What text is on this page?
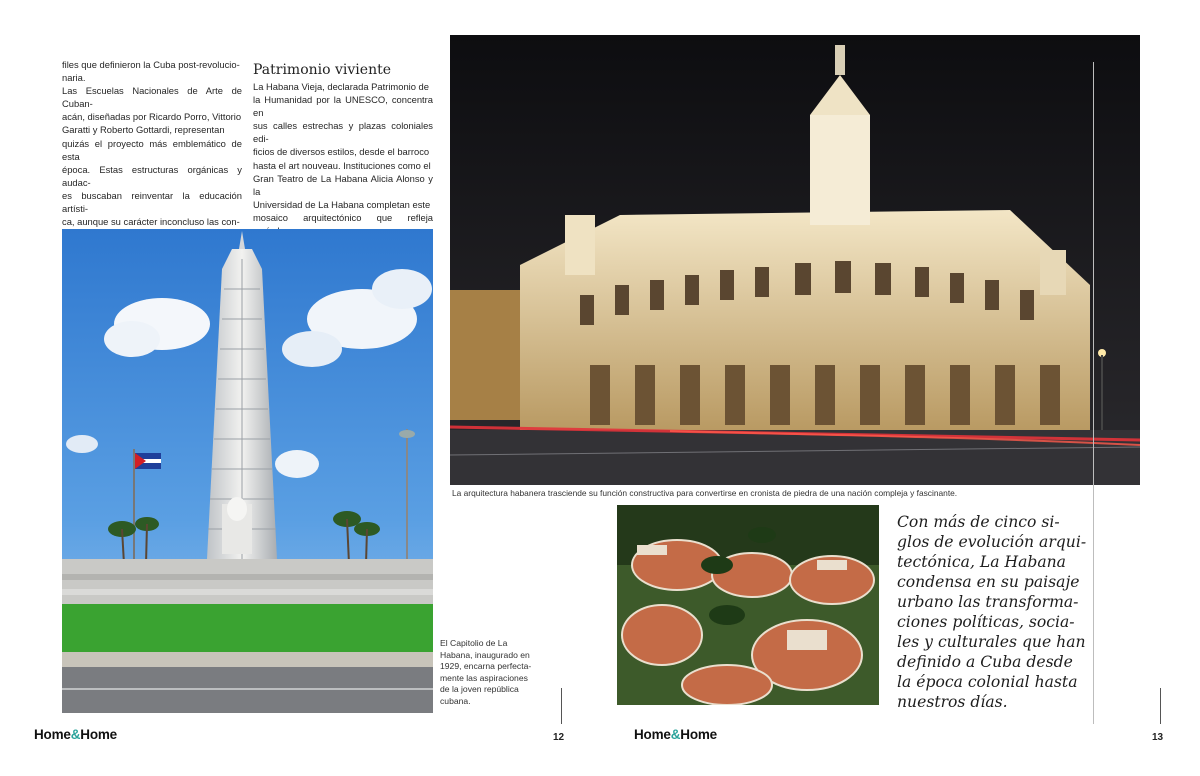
files que definieron la Cuba post-revolucio-

naria.

Las Escuelas Nacionales de Arte de Cuban-

acán, diseñadas por Ricardo Porro, Vittorio

Garatti y Roberto Gottardi, representan

quizás el proyecto más emblemático de esta

época. Estas estructuras orgánicas y audac-

es buscaban reinventar la educación artísti-

ca, aunque su carácter inconcluso las con-

Patrimonio viviente

La Habana Vieja, declarada Patrimonio de

la Humanidad por la UNESCO, concentra en

sus calles estrechas y plazas coloniales edi-

ficios de diversos estilos, desde el barroco

hasta el art nouveau. Instituciones como el

Gran Teatro de La Habana Alicia Alonso y la

Universidad de La Habana completan este

mosaico arquitectónico que refleja

El Capitolio de La
Habana, inaugurado en
1929, encarna perfecta-
mente las aspiraciones
de la joven república
cubana.
Home&Home	12
La arquitectura habanera trasciende su función constructiva para convertirse en cronista de piedra de una nación compleja y fascinante.
Con más de cinco si-
glos de evolución arqui-
tectónica, La Habana
condensa en su paisaje
urbano las transforma-
ciones políticas, socia-
les y culturales que han
definido a Cuba desde
la época colonial hasta
nuestros días.
Home&Home	13
